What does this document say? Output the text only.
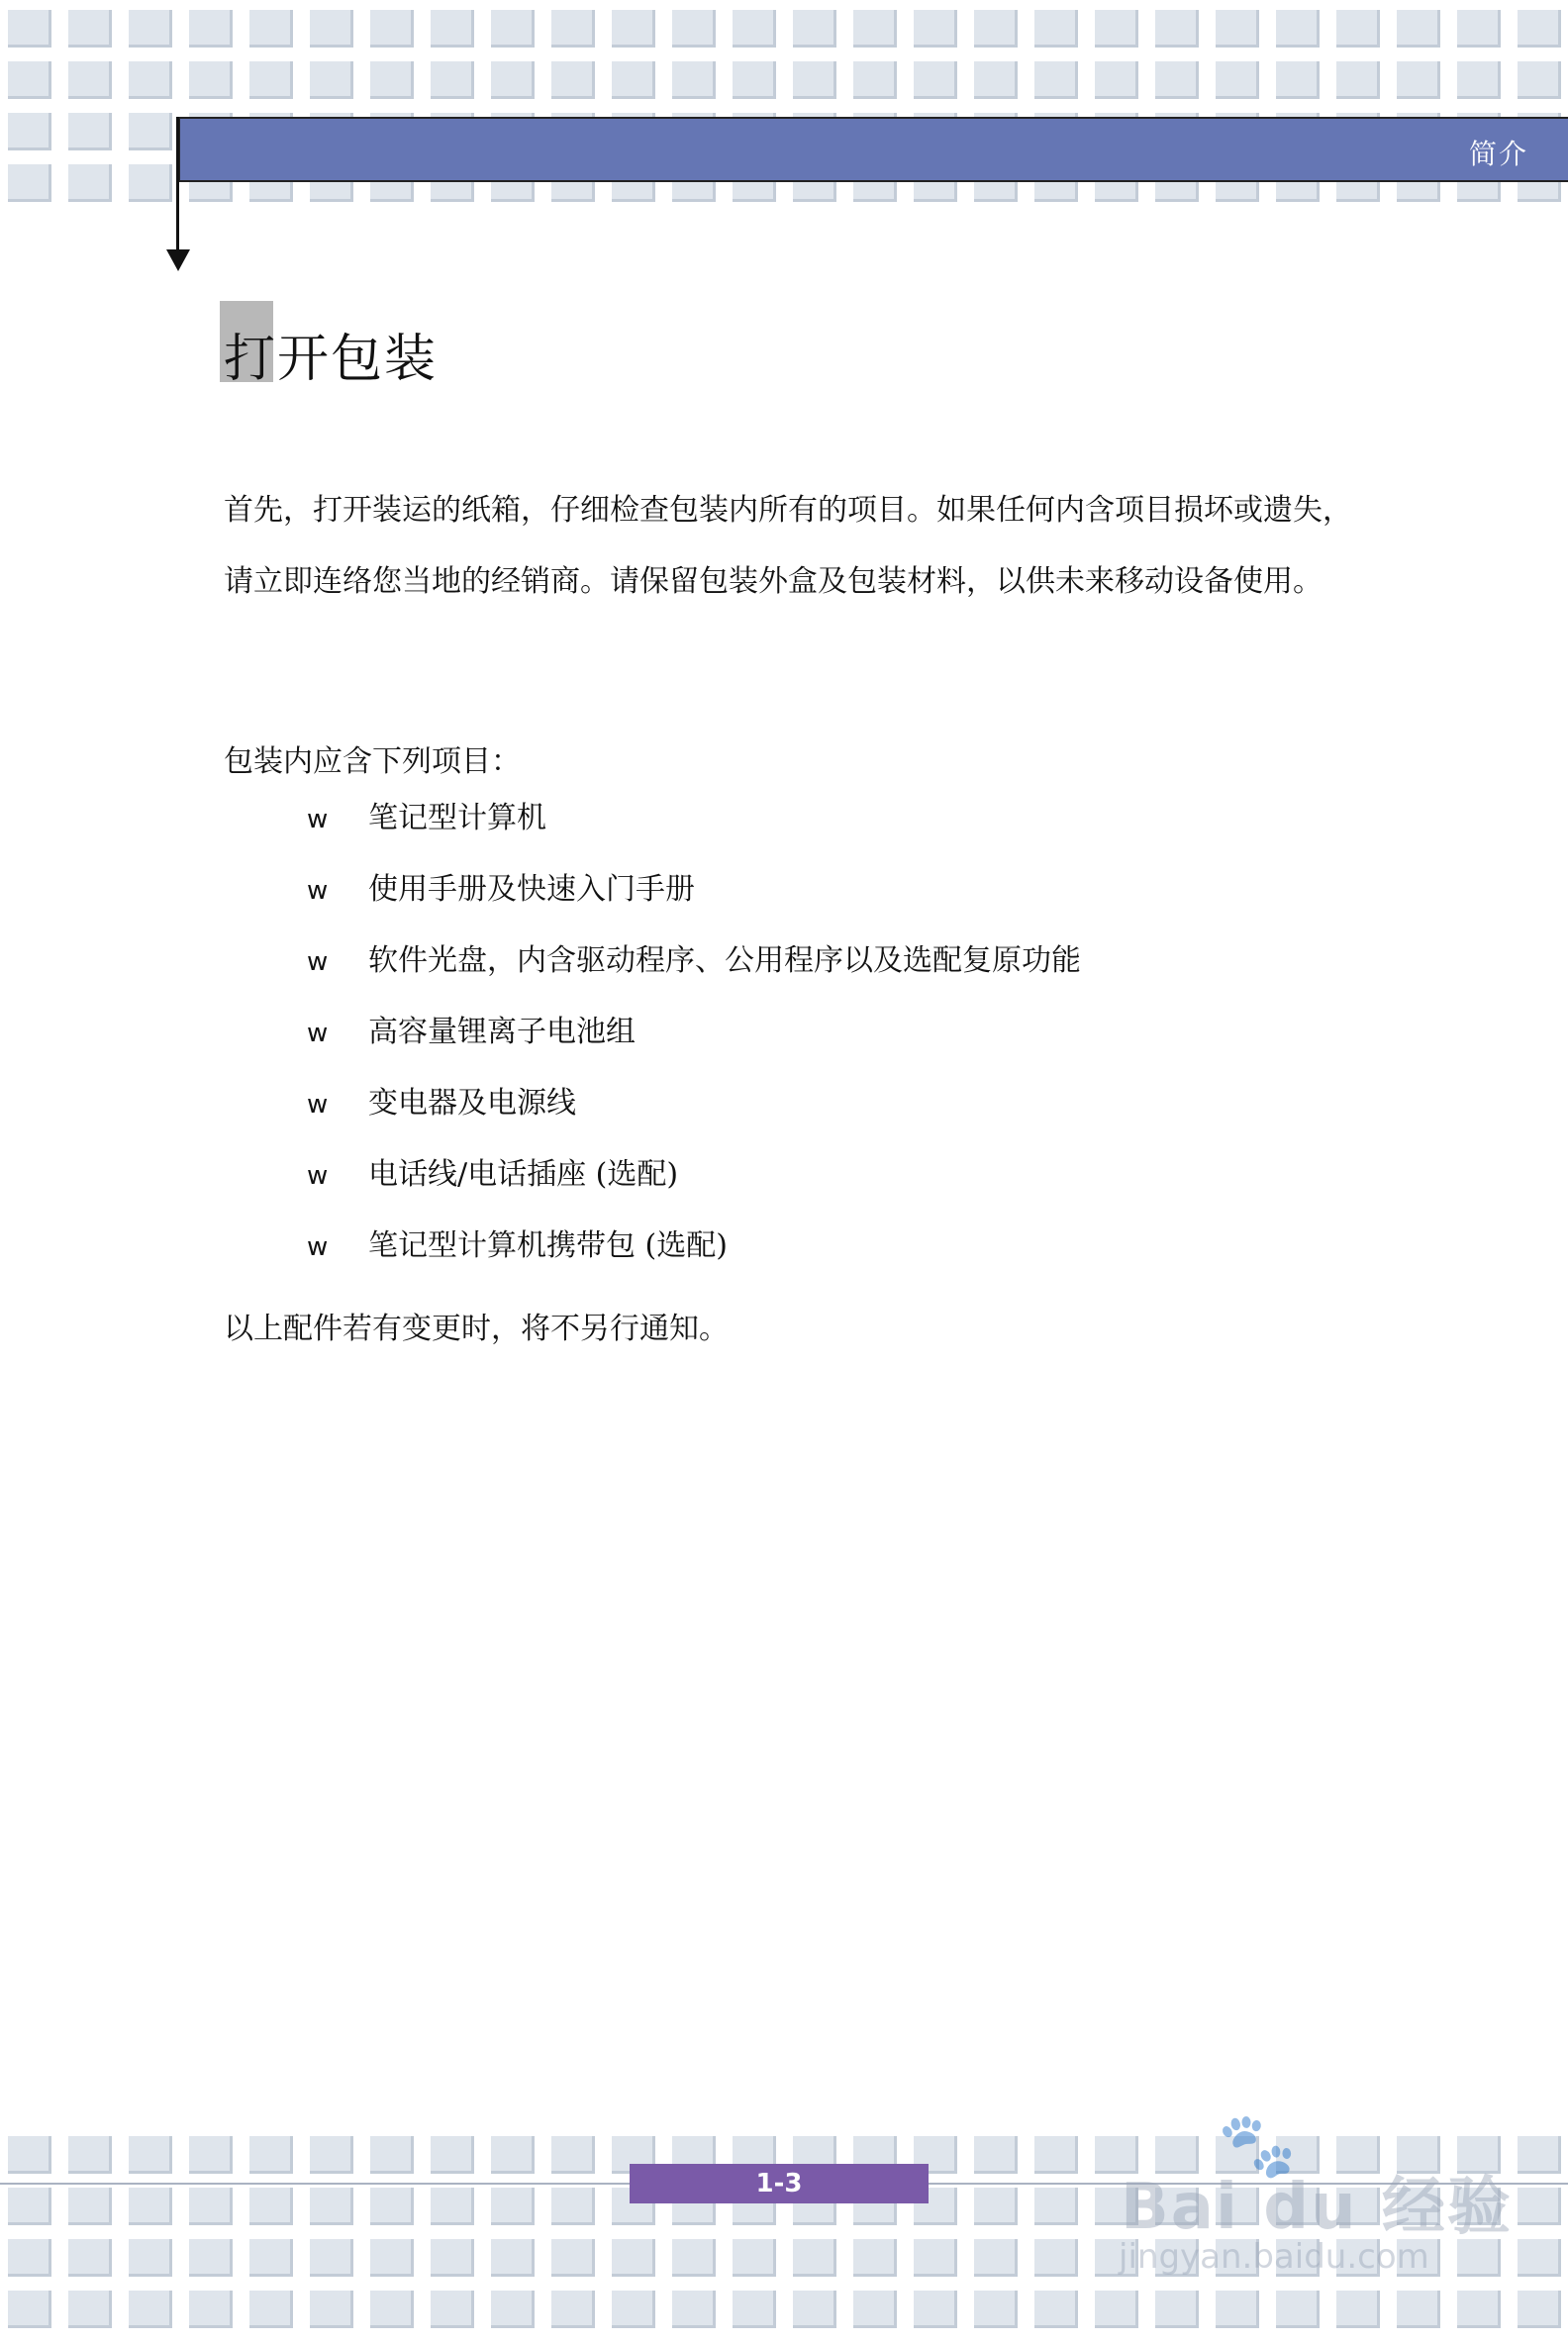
简介
打开包装

首先，打开装运的纸箱，仔细检查包装内所有的项目。如果任何内含项目损坏或遗失，请立即连络您当地的经销商。请保留包装外盒及包装材料，以供未来移动设备使用。

包装内应含下列项目：

w 笔记型计算机
w 使用手册及快速入门手册
w 软件光盘，内含驱动程序、公用程序以及选配复原功能
w 高容量锂离子电池组
w 变电器及电源线
w 电话线/电话插座 (选配)
w 笔记型计算机携带包 (选配)

以上配件若有变更时，将不另行通知。

1-3
🐾
Bai du 经验
jingyan.baidu.com
